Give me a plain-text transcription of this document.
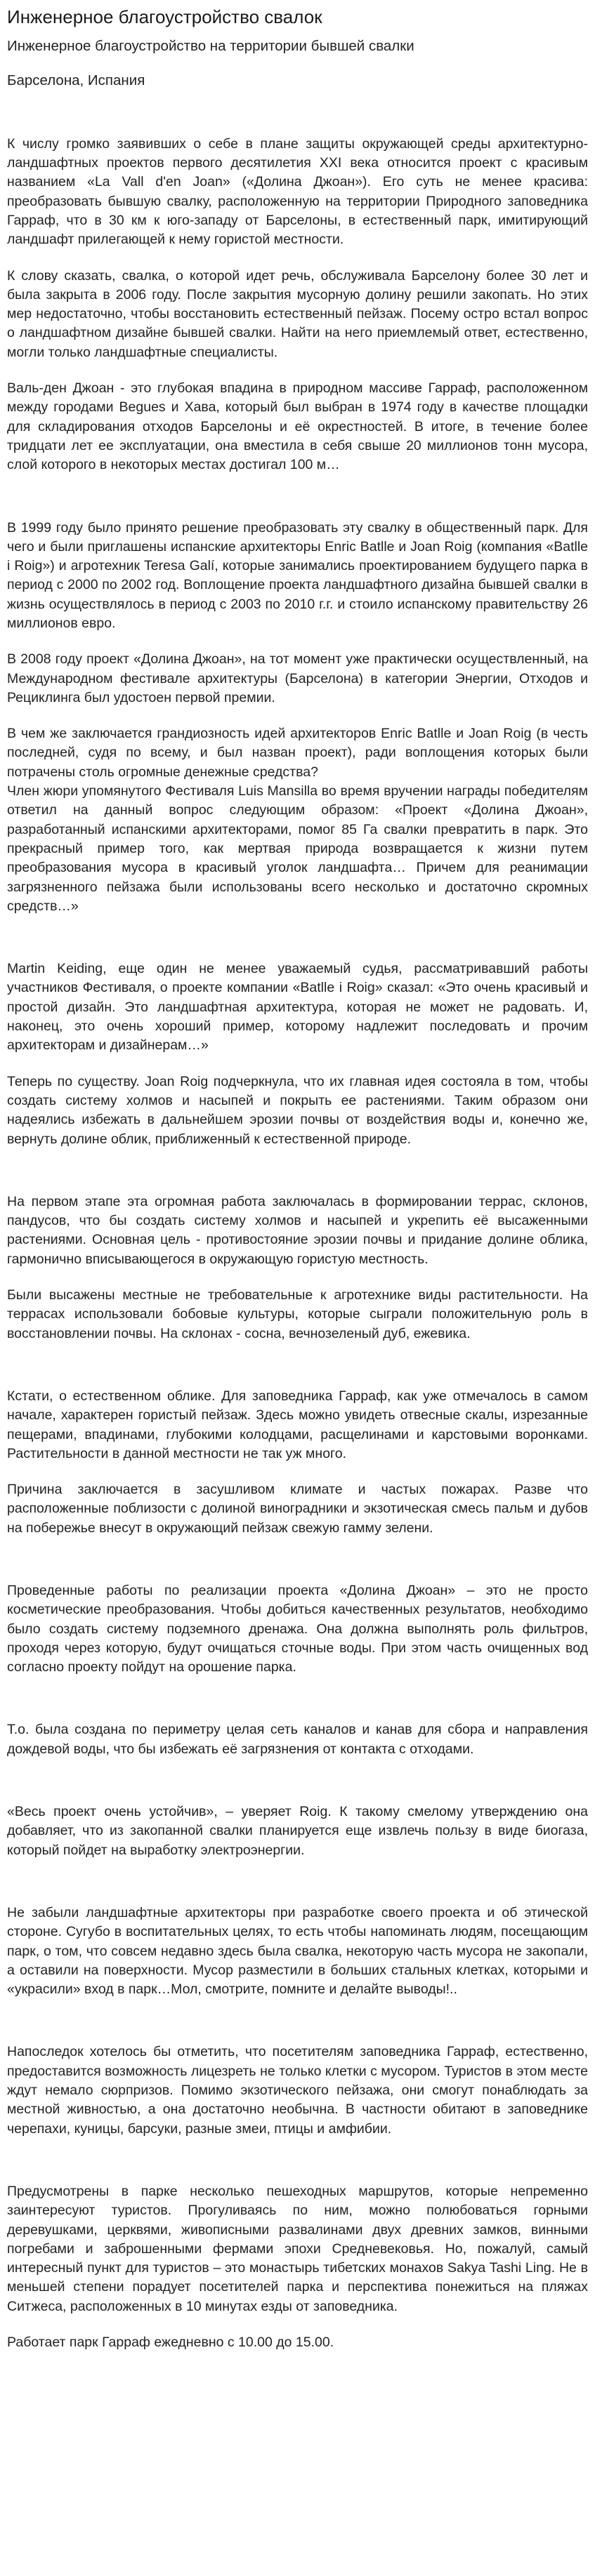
Инженерное благоустройство свалок
Инженерное благоустройство на территории бывшей свалки
Барселона, Испания

К числу громко заявивших о себе в плане защиты окружающей среды архитектурно-ландшафтных проектов первого десятилетия XXI века относится проект с красивым названием «La Vall d'en Joan» («Долина Джоан»). Его суть не менее красива: преобразовать бывшую свалку, расположенную на территории Природного заповедника Гарраф, что в 30 км к юго-западу от Барселоны, в естественный парк, имитирующий ландшафт прилегающей к нему гористой местности.

К слову сказать, свалка, о которой идет речь, обслуживала Барселону более 30 лет и была закрыта в 2006 году. После закрытия мусорную долину решили закопать. Но этих мер недостаточно, чтобы восстановить естественный пейзаж. Посему остро встал вопрос о ландшафтном дизайне бывшей свалки. Найти на него приемлемый ответ, естественно, могли только ландшафтные специалисты.

Валь-ден Джоан - это глубокая впадина в природном массиве Гарраф, расположенном между городами Begues и Хава, который был выбран в 1974 году в качестве площадки для складирования отходов Барселоны и её окрестностей. В итоге, в течение более тридцати лет ее эксплуатации, она вместила в себя свыше 20 миллионов тонн мусора, слой которого в некоторых местах достигал 100 м…

В 1999 году было принято решение преобразовать эту свалку в общественный парк. Для чего и были приглашены испанские архитекторы Enric Batlle и Joan Roig (компания «Batlle i Roig») и агротехник Teresa Galí, которые занимались проектированием будущего парка в период с 2000 по 2002 год. Воплощение проекта ландшафтного дизайна бывшей свалки в жизнь осуществлялось в период с 2003 по 2010 г.г. и стоило испанскому правительству 26 миллионов евро.

В 2008 году проект «Долина Джоан», на тот момент уже практически осуществленный, на Международном фестивале архитектуры (Барселона) в категории Энергии, Отходов и Рециклинга был удостоен первой премии.

В чем же заключается грандиозность идей архитекторов Enric Batlle и Joan Roig (в честь последней, судя по всему, и был назван проект), ради воплощения которых были потрачены столь огромные денежные средства?

Член жюри упомянутого Фестиваля Luis Mansilla во время вручении награды победителям ответил на данный вопрос следующим образом: «Проект «Долина Джоан», разработанный испанскими архитекторами, помог 85 Га свалки превратить в парк. Это прекрасный пример того, как мертвая природа возвращается к жизни путем преобразования мусора в красивый уголок ландшафта… Причем для реанимации загрязненного пейзажа были использованы всего несколько и достаточно скромных средств…»

Martin Keiding, еще один не менее уважаемый судья, рассматривавший работы участников Фестиваля, о проекте компании «Batlle i Roig» сказал: «Это очень красивый и простой дизайн. Это ландшафтная архитектура, которая не может не радовать. И, наконец, это очень хороший пример, которому надлежит последовать и прочим архитекторам и дизайнерам…»

Теперь по существу. Joan Roig подчеркнула, что их главная идея состояла в том, чтобы создать систему холмов и насыпей и покрыть ее растениями. Таким образом они надеялись избежать в дальнейшем эрозии почвы от воздействия воды и, конечно же, вернуть долине облик, приближенный к естественной природе.

На первом этапе эта огромная работа заключалась в формировании террас, склонов, пандусов, что бы создать систему холмов и насыпей и укрепить её высаженными растениями. Основная цель - противостояние эрозии почвы и придание долине облика, гармонично вписывающегося в окружающую гористую местность.

Были высажены местные не требовательные к агротехнике виды растительности. На террасах использовали бобовые культуры, которые сыграли положительную роль в восстановлении почвы. На склонах - сосна, вечнозеленый дуб, ежевика.

Кстати, о естественном облике. Для заповедника Гарраф, как уже отмечалось в самом начале, характерен гористый пейзаж. Здесь можно увидеть отвесные скалы, изрезанные пещерами, впадинами, глубокими колодцами, расщелинами и карстовыми воронками. Растительности в данной местности не так уж много.

Причина заключается в засушливом климате и частых пожарах. Разве что расположенные поблизости с долиной виноградники и экзотическая смесь пальм и дубов на побережье внесут в окружающий пейзаж свежую гамму зелени.

Проведенные работы по реализации проекта «Долина Джоан» – это не просто косметические преобразования. Чтобы добиться качественных результатов, необходимо было создать систему подземного дренажа. Она должна выполнять роль фильтров, проходя через которую, будут очищаться сточные воды. При этом часть очищенных вод согласно проекту пойдут на орошение парка.

Т.о. была создана по периметру целая сеть каналов и канав для сбора и направления дождевой воды, что бы избежать её загрязнения от контакта с отходами.

«Весь проект очень устойчив», – уверяет Roig. К такому смелому утверждению она добавляет, что из закопанной свалки планируется еще извлечь пользу в виде биогаза, который пойдет на выработку электроэнергии.

Не забыли ландшафтные архитекторы при разработке своего проекта и об этической стороне. Сугубо в воспитательных целях, то есть чтобы напоминать людям, посещающим парк, о том, что совсем недавно здесь была свалка, некоторую часть мусора не закопали, а оставили на поверхности. Мусор разместили в больших стальных клетках, которыми и «украсили» вход в парк…Мол, смотрите, помните и делайте выводы!..

Напоследок хотелось бы отметить, что посетителям заповедника Гарраф, естественно, предоставится возможность лицезреть не только клетки с мусором. Туристов в этом месте ждут немало сюрпризов. Помимо экзотического пейзажа, они смогут понаблюдать за местной живностью, а она достаточно необычна. В частности обитают в заповеднике черепахи, куницы, барсуки, разные змеи, птицы и амфибии.

Предусмотрены в парке несколько пешеходных маршрутов, которые непременно заинтересуют туристов. Прогуливаясь по ним, можно полюбоваться горными деревушками, церквями, живописными развалинами двух древних замков, винными погребами и заброшенными фермами эпохи Средневековья. Но, пожалуй, самый интересный пункт для туристов – это монастырь тибетских монахов Sakya Tashi Ling. Не в меньшей степени порадует посетителей парка и перспектива понежиться на пляжах Ситжеса, расположенных в 10 минутах езды от заповедника.

Работает парк Гарраф ежедневно с 10.00 до 15.00.
